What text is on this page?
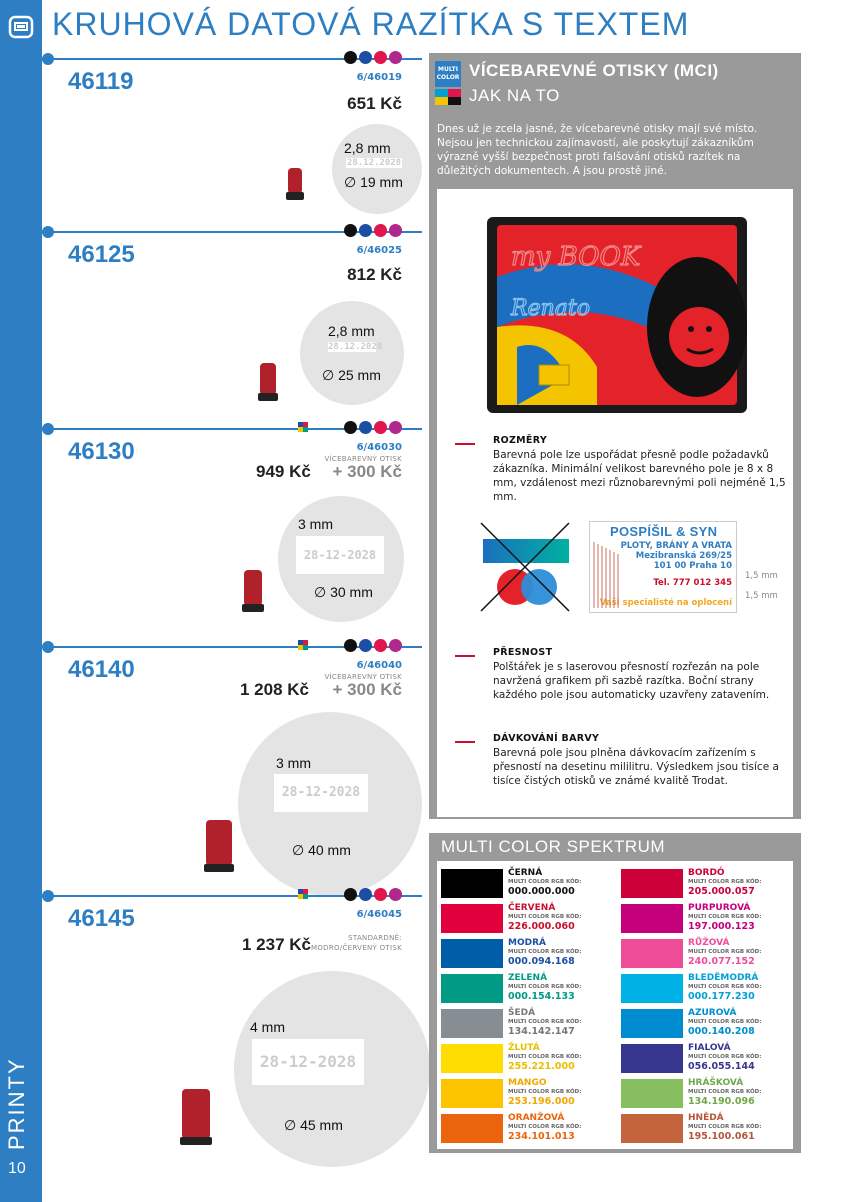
PRINTY
10
KRUHOVÁ DATOVÁ RAZÍTKA S TEXTEM
46119	6/46019
651 Kč
2,8 mm
28.12.2028
∅ 19 mm
46125	6/46025
812 Kč
2,8 mm
28.12.2028
∅ 25 mm
46130	6/46030
VÍCEBAREVNÝ OTISK
949 Kč + 300 Kč
3 mm
28-12-2028
∅ 30 mm
46140	6/46040
VÍCEBAREVNÝ OTISK
1 208 Kč + 300 Kč
3 mm
28-12-2028
∅ 40 mm
46145	6/46045
STANDARDNĚ:
MODRO/ČERVENÝ OTISK
1 237 Kč
4 mm
28-12-2028
∅ 45 mm
MULTI
COLOR VÍCEBAREVNÉ OTISKY (MCI)
JAK NA TO
Dnes už je zcela jasné, že vícebarevné otisky mají své místo. Nejsou jen technickou zajímavostí, ale poskytují zákazníkům výrazně vyšší bezpečnost proti falšování otisků razítek na důležitých dokumentech. A jsou prostě jiné.
my BOOK
Renato
ROZMĚRY
Barevná pole lze uspořádat přesně podle požadavků zákazníka. Minimální velikost barevného pole je 8 x 8 mm, vzdálenost mezi různobarevnými poli nejméně 1,5 mm.
POSPÍŠIL & SYN
PLOTY, BRÁNY A VRATA
Mezibranská 269/25
101 00 Praha 10
Tel. 777 012 345
Vaši specialisté na oplocení
1,5 mm
1,5 mm
PŘESNOST
Polštářek je s laserovou přesností rozřezán na pole navržená grafikem při sazbě razítka. Boční strany každého pole jsou automaticky uzavřeny zatavením.
DÁVKOVÁNÍ BARVY
Barevná pole jsou plněna dávkovacím zařízením s přesností na desetinu mililitru. Výsledkem jsou tisíce a tisíce čistých otisků ve známé kvalitě Trodat.
MULTI COLOR SPEKTRUM
ČERNÁ
MULTI COLOR RGB KÓD:
000.000.000
ČERVENÁ
MULTI COLOR RGB KÓD:
226.000.060
MODRÁ
MULTI COLOR RGB KÓD:
000.094.168
ZELENÁ
MULTI COLOR RGB KÓD:
000.154.133
ŠEDÁ
MULTI COLOR RGB KÓD:
134.142.147
ŽLUTÁ
MULTI COLOR RGB KÓD:
255.221.000
MANGO
MULTI COLOR RGB KÓD:
253.196.000
ORANŽOVÁ
MULTI COLOR RGB KÓD:
234.101.013
BORDÓ
MULTI COLOR RGB KÓD:
205.000.057
PURPUROVÁ
MULTI COLOR RGB KÓD:
197.000.123
RŮŽOVÁ
MULTI COLOR RGB KÓD:
240.077.152
BLEDĚMODRÁ
MULTI COLOR RGB KÓD:
000.177.230
AZUROVÁ
MULTI COLOR RGB KÓD:
000.140.208
FIALOVÁ
MULTI COLOR RGB KÓD:
056.055.144
HRÁŠKOVÁ
MULTI COLOR RGB KÓD:
134.190.096
HNĚDÁ
MULTI COLOR RGB KÓD:
195.100.061
